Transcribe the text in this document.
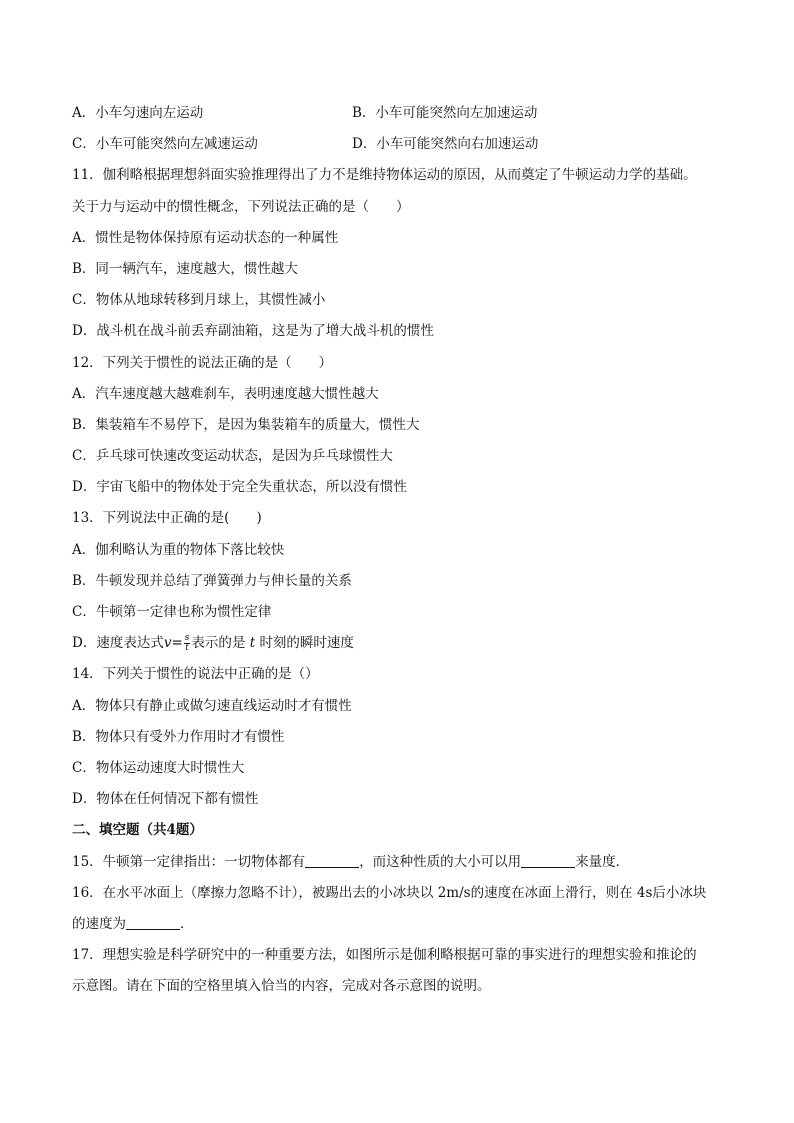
A．小车匀速向左运动	B．小车可能突然向左加速运动
C．小车可能突然向左减速运动	D．小车可能突然向右加速运动
11．伽利略根据理想斜面实验推理得出了力不是维持物体运动的原因，从而奠定了牛顿运动力学的基础。
关于力与运动中的惯性概念，下列说法正确的是（　　）
A．惯性是物体保持原有运动状态的一种属性
B．同一辆汽车，速度越大，惯性越大
C．物体从地球转移到月球上，其惯性减小
D．战斗机在战斗前丢弃副油箱，这是为了增大战斗机的惯性
12．下列关于惯性的说法正确的是（　　）
A．汽车速度越大越难刹车，表明速度越大惯性越大
B．集装箱车不易停下，是因为集装箱车的质量大，惯性大
C．乒乓球可快速改变运动状态，是因为乒乓球惯性大
D．宇宙飞船中的物体处于完全失重状态，所以没有惯性
13．下列说法中正确的是(　　)
A．伽利略认为重的物体下落比较快
B．牛顿发现并总结了弹簧弹力与伸长量的关系
C．牛顿第一定律也称为惯性定律
D．速度表达式$v= \frac{s}{t}$ 表示的是 t 时刻的瞬时速度
14．下列关于惯性的说法中正确的是（）
A．物体只有静止或做匀速直线运动时才有惯性
B．物体只有受外力作用时才有惯性
C．物体运动速度大时惯性大
D．物体在任何情况下都有惯性
二、填空题（共4题）
15．牛顿第一定律指出：一切物体都有	，而这种性质的大小可以用	来量度．
16．在水平冰面上（摩擦力忽略不计），被踢出去的小冰块以 2m/s的速度在冰面上滑行，则在 4s后小冰块
的速度为	．
17．理想实验是科学研究中的一种重要方法，如图所示是伽利略根据可靠的事实进行的理想实验和推论的
示意图。请在下面的空格里填入恰当的内容，完成对各示意图的说明。
